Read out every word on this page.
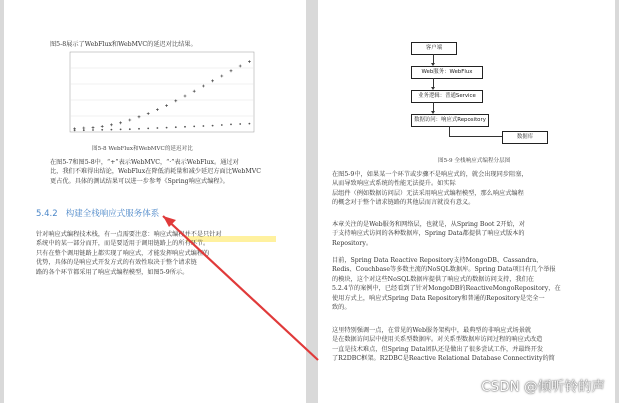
图5-8展示了WebFlux和WebMVC的延迟对比结果。
图5-8 WebFlux和WebMVC的延迟对比
在图5-7和图5-8中，“+”表示WebMVC，“·”表示WebFlux。通过对
比，我们不难得出结论，WebFlux在降低消耗量和减少延迟方面比WebMVC
更占优。具体的测试结果可以进一步参考《Spring响应式编程》。
5.4.2 构建全栈响应式服务体系
针对响应式编程技术栈，有一点需要注意：响应式编程并不是只针对
系统中的某一部分而开，而是要适用于调用链路上的所有环节。
只有在整个调用链路上都实现了响应式，才能发挥响应式编程的
优势，具体的是响应式开发方式的有效性取决于整个请求链
路的各个环节都采用了响应式编程模型，如图5-9所示。
客户端
Web服务：WebFlux
业务逻辑：普通Service
数据访问：响应式Repository
数据库
图5-9 全栈响应式编程分层图
在图5-9中，如果某一个环节或步骤不是响应式的，就会出现同步阻塞，
从而导致响应式系统的性能无法提升。如实际
层组件（例如数据访问层）无法采用响应式编程模型，那么响应式编程
的概念对于整个请求链路的其他层而言就没有意义。
本章关注的是Web服务和网络层，也就是，从Spring Boot 2开始，对
于支持响应式访问的各种数据库，Spring Data都提供了响应式版本的
Repository。
目前，Spring Data Reactive Repository支持MongoDB、Cassandra、
Redis、Couchbase等多数主流的NoSQL数据库。Spring Data项目有几个举报
的模块，这个对这些NoSQL数据库提供了响应式的数据访问支持，我们在
5.2.4节的案例中，已经看到了针对MongoDB的ReactiveMongoRepository，在
使用方式上，响应式Spring Data Repository和普通的Repository是完全一
致的。
这里特别强调一点，在常见的Web服务架构中，最典型的非响应式场景就
是在数据访问层中使用关系型数据库。对关系型数据库访问过程的响应式改造
一直是技术难点，但Spring Data团队还是做出了很多尝试工作，并最终开发
了R2DBC框架。R2DBC是Reactive Relational Database Connectivity的简
CSDN @倾听铃的声
